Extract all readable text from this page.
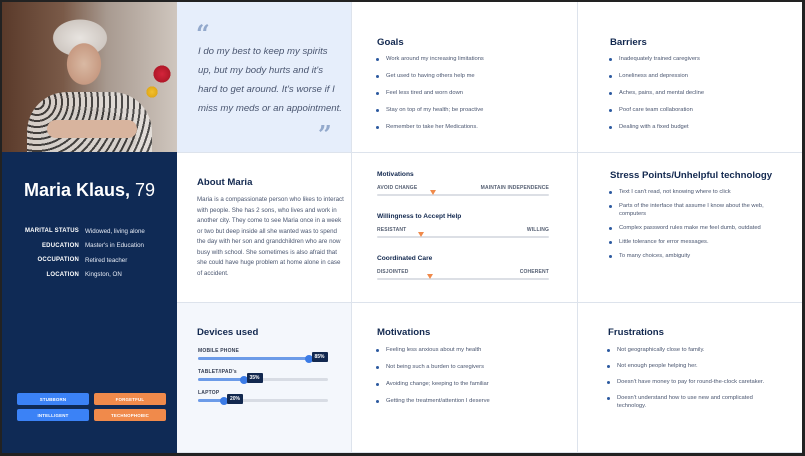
Maria Klaus, 79
MARITAL STATUS Widowed, living alone
EDUCATION Master's in Education
OCCUPATION Retired teacher
LOCATION Kingston, ON
STUBBORN	FORGETFUL
INTELLIGENT	TECHNOPHOBIC
“
I do my best to keep my spirits up, but my body hurts and it's hard to get around. It's worse if I miss my meds or an appointment.
”
Goals
Work around my increasing limitations
Get used to having others help me
Feel less tired and worn down
Stay on top of my health; be proactive
Remember to take her Medications.
Barriers
Inadequately trained caregivers
Loneliness and depression
Aches, pains, and mental decline
Poof care team collaboration
Dealing with a fixed budget
About Maria
Maria is a compassionate person who likes to interact with people. She has 2 sons, who lives and work in another city. They come to see Maria once in a week or two but deep inside all she wanted was to spend the day with her son and grandchildren who are now busy with school. She sometimes is also afraid that she could have huge problem at home alone in case of accident.
Motivations
AVOID CHANGE	MAINTAIN INDEPENDENCE
Willingness to Accept Help
RESISTANT	WILLING
Coordinated Care
DISJOINTED	COHERENT
Stress Points/Unhelpful technology
Text I can't read, not knowing where to click
Parts of the interface that assume I know about the web, computers
Complex password rules make me feel dumb, outdated
Little tolerance for error messages.
To many choices, ambiguity
Devices used
MOBILE PHONE
85%
TABLET/IPAD's
35%
LAPTOP
20%
Motivations
Feeling less anxious about my health
Not being such a burden to caregivers
Avoiding change; keeping to the familiar
Getting the treatment/attention I deserve
Frustrations
Not geographically close to family.
Not enough people helping her.
Doesn't have money to pay for round-the-clock caretaker.
Doesn't understand how to use new and complicated technology.
